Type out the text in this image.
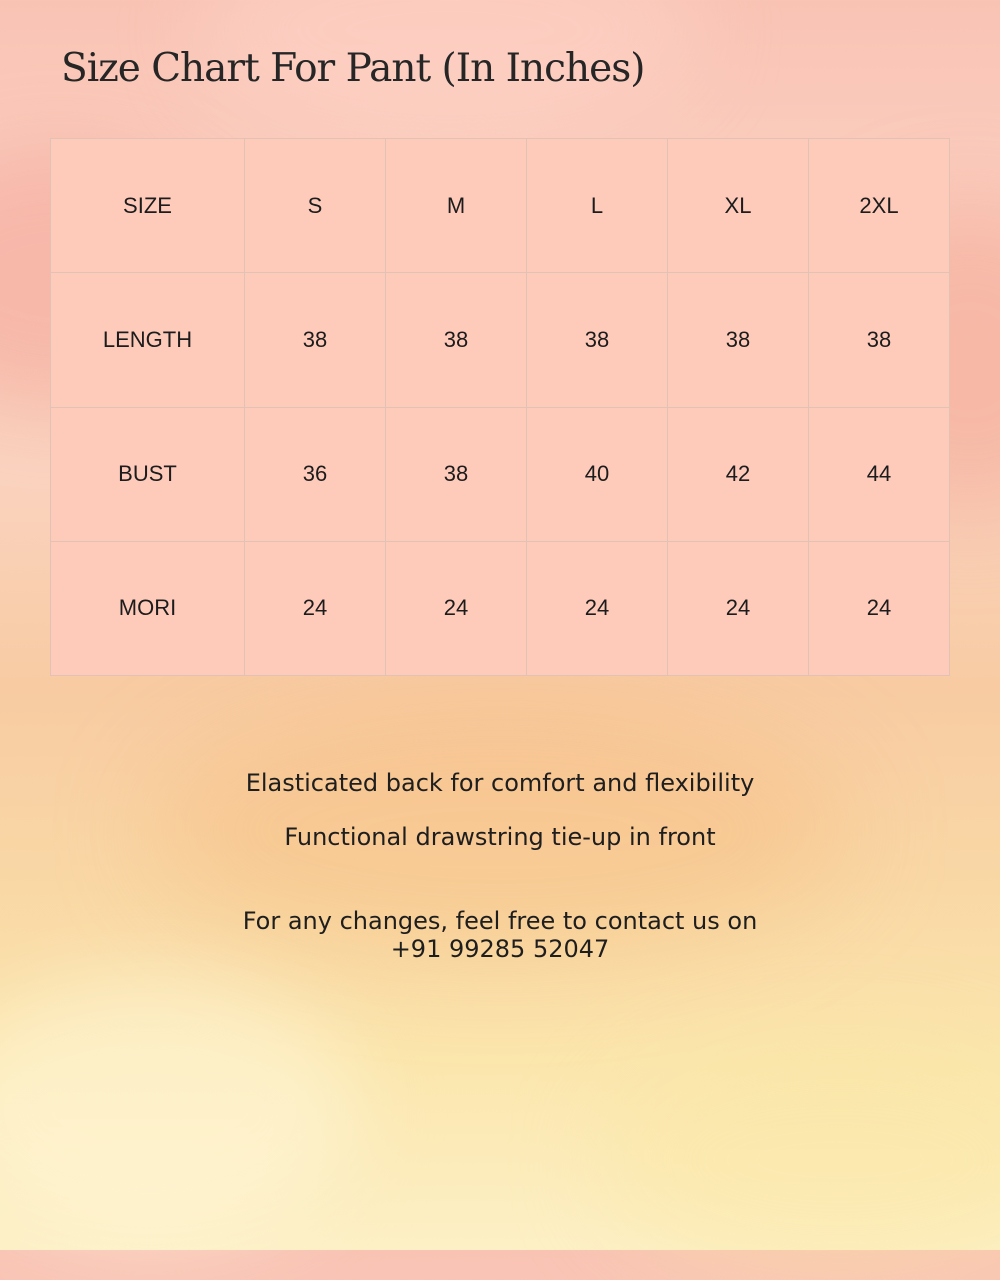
Size Chart For Pant (In Inches)
SIZE	S	M	L	XL	2XL
LENGTH	38	38	38	38	38
BUST	36	38	40	42	44
MORI	24	24	24	24	24

Elasticated back for comfort and flexibility

Functional drawstring tie-up in front

For any changes, feel free to contact us on
+91 99285 52047
